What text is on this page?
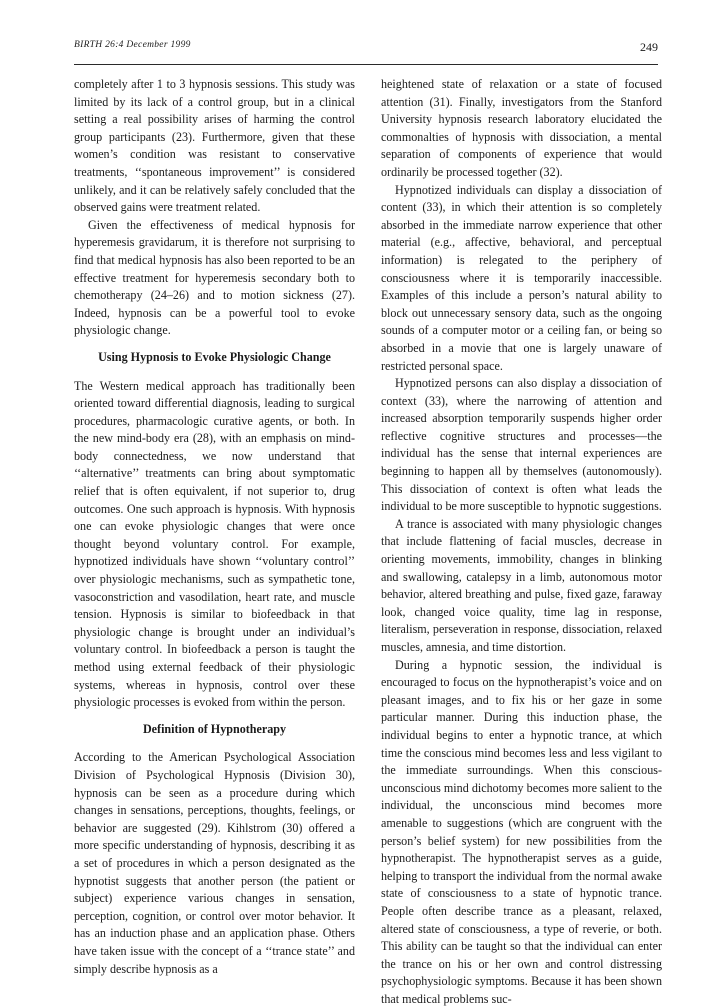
BIRTH 26:4 December 1999	249

completely after 1 to 3 hypnosis sessions. This study was limited by its lack of a control group, but in a clinical setting a real possibility arises of harming the control group participants (23). Furthermore, given that these women’s condition was resistant to conservative treatments, ‘‘spontaneous improvement’’ is considered unlikely, and it can be relatively safely concluded that the observed gains were treatment related.

Given the effectiveness of medical hypnosis for hyperemesis gravidarum, it is therefore not surprising to find that medical hypnosis has also been reported to be an effective treatment for hyperemesis secondary both to chemotherapy (24–26) and to motion sickness (27). Indeed, hypnosis can be a powerful tool to evoke physiologic change.

Using Hypnosis to Evoke Physiologic Change

The Western medical approach has traditionally been oriented toward differential diagnosis, leading to surgical procedures, pharmacologic curative agents, or both. In the new mind-body era (28), with an emphasis on mind-body connectedness, we now understand that ‘‘alternative’’ treatments can bring about symptomatic relief that is often equivalent, if not superior to, drug outcomes. One such approach is hypnosis. With hypnosis one can evoke physiologic changes that were once thought beyond voluntary control. For example, hypnotized individuals have shown ‘‘voluntary control’’ over physiologic mechanisms, such as sympathetic tone, vasoconstriction and vasodilation, heart rate, and muscle tension. Hypnosis is similar to biofeedback in that physiologic change is brought under an individual’s voluntary control. In biofeedback a person is taught the method using external feedback of their physiologic systems, whereas in hypnosis, control over these physiologic processes is evoked from within the person.

Definition of Hypnotherapy

According to the American Psychological Association Division of Psychological Hypnosis (Division 30), hypnosis can be seen as a procedure during which changes in sensations, perceptions, thoughts, feelings, or behavior are suggested (29). Kihlstrom (30) offered a more specific understanding of hypnosis, describing it as a set of procedures in which a person designated as the hypnotist suggests that another person (the patient or subject) experience various changes in sensation, perception, cognition, or control over motor behavior. It has an induction phase and an application phase. Others have taken issue with the concept of a ‘‘trance state’’ and simply describe hypnosis as a

heightened state of relaxation or a state of focused attention (31). Finally, investigators from the Stanford University hypnosis research laboratory elucidated the commonalties of hypnosis with dissociation, a mental separation of components of experience that would ordinarily be processed together (32).

Hypnotized individuals can display a dissociation of content (33), in which their attention is so completely absorbed in the immediate narrow experience that other material (e.g., affective, behavioral, and perceptual information) is relegated to the periphery of consciousness where it is temporarily inaccessible. Examples of this include a person’s natural ability to block out unnecessary sensory data, such as the ongoing sounds of a computer motor or a ceiling fan, or being so absorbed in a movie that one is largely unaware of restricted personal space.

Hypnotized persons can also display a dissociation of context (33), where the narrowing of attention and increased absorption temporarily suspends higher order reflective cognitive structures and processes—the individual has the sense that internal experiences are beginning to happen all by themselves (autonomously). This dissociation of context is often what leads the individual to be more susceptible to hypnotic suggestions.

A trance is associated with many physiologic changes that include flattening of facial muscles, decrease in orienting movements, immobility, changes in blinking and swallowing, catalepsy in a limb, autonomous motor behavior, altered breathing and pulse, fixed gaze, faraway look, changed voice quality, time lag in response, literalism, perseveration in response, dissociation, relaxed muscles, amnesia, and time distortion.

During a hypnotic session, the individual is encouraged to focus on the hypnotherapist’s voice and on pleasant images, and to fix his or her gaze in some particular manner. During this induction phase, the individual begins to enter a hypnotic trance, at which time the conscious mind becomes less and less vigilant to the immediate surroundings. When this conscious-unconscious mind dichotomy becomes more salient to the individual, the unconscious mind becomes more amenable to suggestions (which are congruent with the person’s belief system) for new possibilities from the hypnotherapist. The hypnotherapist serves as a guide, helping to transport the individual from the normal awake state of consciousness to a state of hypnotic trance. People often describe trance as a pleasant, relaxed, altered state of consciousness, a type of reverie, or both. This ability can be taught so that the individual can enter the trance on his or her own and control distressing psychophysiologic symptoms. Because it has been shown that medical problems suc-
